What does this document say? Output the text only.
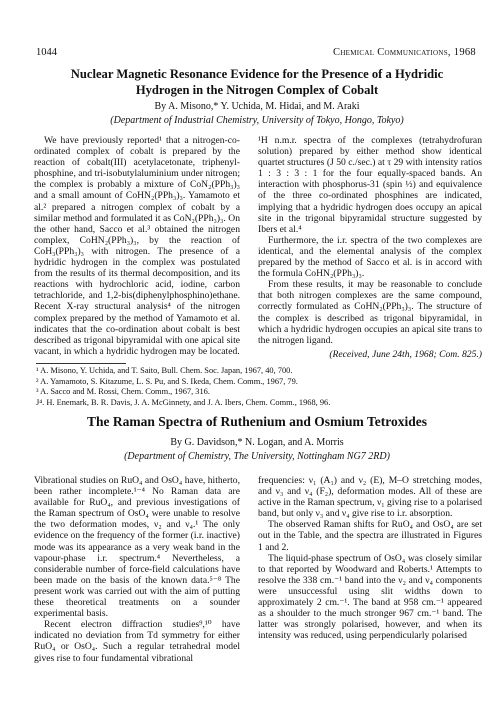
1044	Chemical Communications, 1968
Nuclear Magnetic Resonance Evidence for the Presence of a Hydridic
Hydrogen in the Nitrogen Complex of Cobalt
By A. Misono,* Y. Uchida, M. Hidai, and M. Araki
(Department of Industrial Chemistry, University of Tokyo, Hongo, Tokyo)

We have previously reported¹ that a nitrogen-co-ordinated complex of cobalt is prepared by the reaction of cobalt(III) acetylacetonate, triphenyl-phosphine, and tri-isobutylaluminium under nitrogen; the complex is probably a mixture of CoN₂(PPh₃)₃ and a small amount of CoHN₂(PPh₃)₃. Yamamoto et al.² prepared a nitrogen complex of cobalt by a similar method and formulated it as CoN₂(PPh₃)₃. On the other hand, Sacco et al.³ obtained the nitrogen complex, CoHN₂(PPh₃)₃, by the reaction of CoH₃(PPh₃)₃ with nitrogen. The presence of a hydridic hydrogen in the complex was postulated from the results of its thermal decomposition, and its reactions with hydrochloric acid, iodine, carbon tetrachloride, and 1,2-bis(diphenylphosphino)ethane. Recent X-ray structural analysis⁴ of the nitrogen complex prepared by the method of Yamamoto et al. indicates that the co-ordination about cobalt is best described as trigonal bipyramidal with one apical site vacant, in which a hydridic hydrogen may be located.

¹H n.m.r. spectra of the complexes (tetrahydrofuran solution) prepared by either method show identical quartet structures (J 50 c./sec.) at τ 29 with intensity ratios 1 : 3 : 3 : 1 for the four equally-spaced bands. An interaction with phosphorus-31 (spin ½) and equivalence of the three co-ordinated phosphines are indicated, implying that a hydridic hydrogen does occupy an apical site in the trigonal bipyramidal structure suggested by Ibers et al.⁴

Furthermore, the i.r. spectra of the two complexes are identical, and the elemental analysis of the complex prepared by the method of Sacco et al. is in accord with the formula CoHN₂(PPh₃)₃.

From these results, it may be reasonable to conclude that both nitrogen complexes are the same compound, correctly formulated as CoHN₂(PPh₃)₃. The structure of the complex is described as trigonal bipyramidal, in which a hydridic hydrogen occupies an apical site trans to the nitrogen ligand.

(Received, June 24th, 1968; Com. 825.)
¹ A. Misono, Y. Uchida, and T. Saito, Bull. Chem. Soc. Japan, 1967, 40, 700.
² A. Yamamoto, S. Kitazume, L. S. Pu, and S. Ikeda, Chem. Comm., 1967, 79.
³ A. Sacco and M. Rossi, Chem. Comm., 1967, 316.
J⁴. H. Enemark, B. R. Davis, J. A. McGinnety, and J. A. Ibers, Chem. Comm., 1968, 96.
The Raman Spectra of Ruthenium and Osmium Tetroxides
By G. Davidson,* N. Logan, and A. Morris
(Department of Chemistry, The University, Nottingham NG7 2RD)

Vibrational studies on RuO₄ and OsO₄ have, hitherto, been rather incomplete.¹⁻⁴ No Raman data are available for RuO₄, and previous investigations of the Raman spectrum of OsO₄ were unable to resolve the two deformation modes, ν₂ and ν₄.¹ The only evidence on the frequency of the former (i.r. inactive) mode was its appearance as a very weak band in the vapour-phase i.r. spectrum.⁴ Nevertheless, a considerable number of force-field calculations have been made on the basis of the known data.⁵⁻⁸ The present work was carried out with the aim of putting these theoretical treatments on a sounder experimental basis.

Recent electron diffraction studies⁹,¹⁰ have indicated no deviation from Td symmetry for either RuO₄ or OsO₄. Such a regular tetrahedral model gives rise to four fundamental vibrational

frequencies: ν₁ (A₁) and ν₂ (E), M–O stretching modes, and ν₃ and ν₄ (F₂), deformation modes. All of these are active in the Raman spectrum, ν₁ giving rise to a polarised band, but only ν₃ and ν₄ give rise to i.r. absorption.

The observed Raman shifts for RuO₄ and OsO₄ are set out in the Table, and the spectra are illustrated in Figures 1 and 2.

The liquid-phase spectrum of OsO₄ was closely similar to that reported by Woodward and Roberts.¹ Attempts to resolve the 338 cm.⁻¹ band into the ν₂ and ν₄ components were unsuccessful using slit widths down to approximately 2 cm.⁻¹. The band at 958 cm.⁻¹ appeared as a shoulder to the much stronger 967 cm.⁻¹ band. The latter was strongly polarised, however, and when its intensity was reduced, using perpendicularly polarised
